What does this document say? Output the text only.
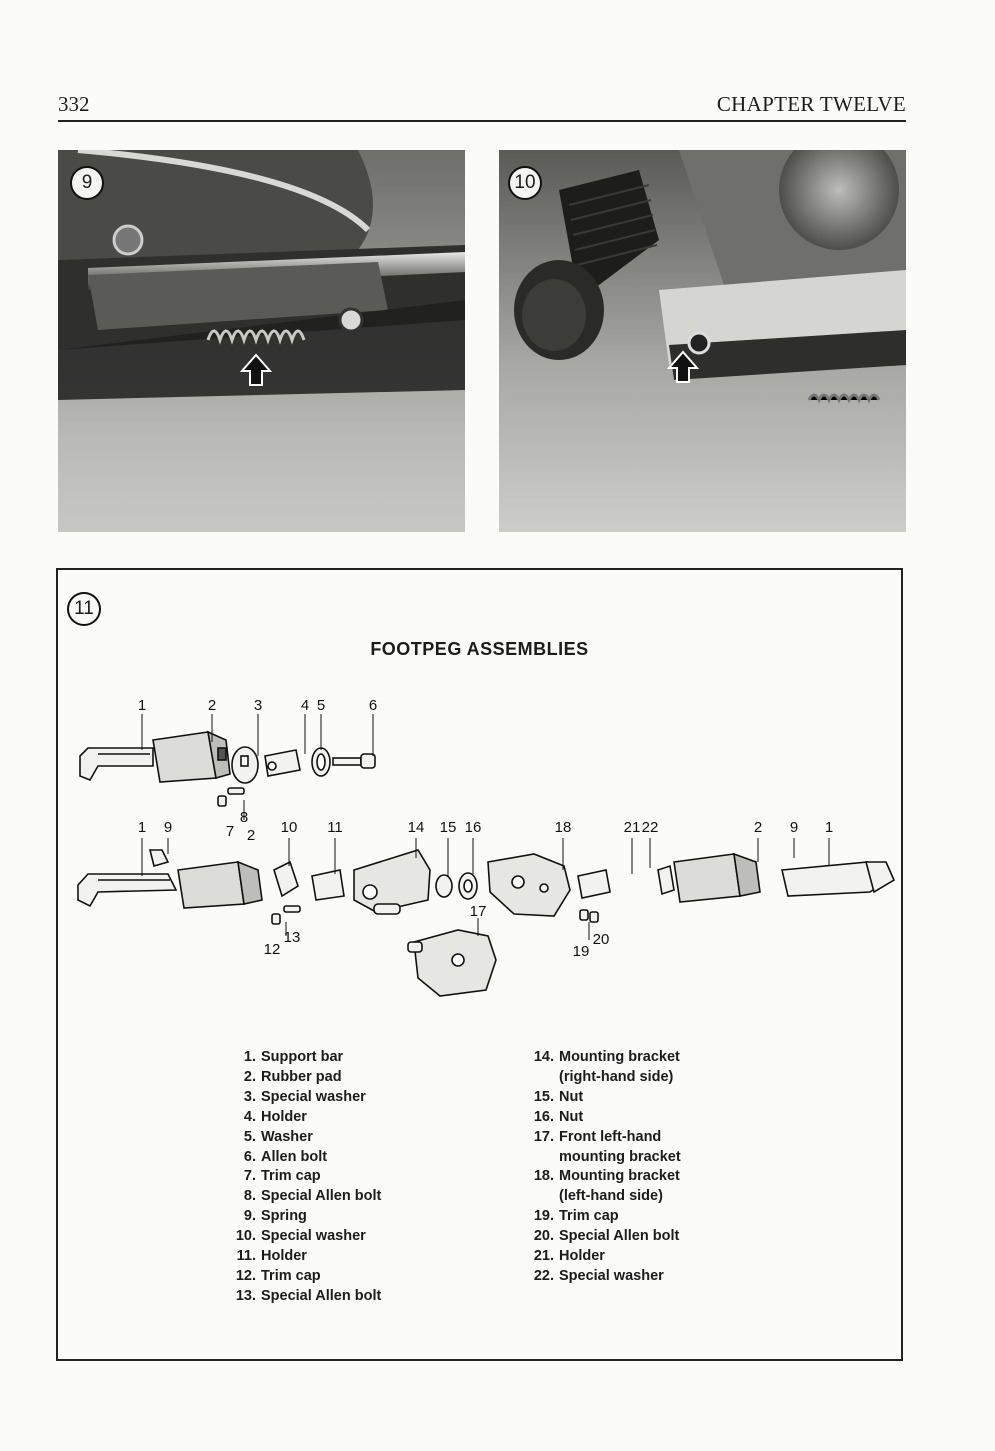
332	CHAPTER TWELVE
9	10
11
FOOTPEG ASSEMBLIES
1	2	3	4 5	6
8
7 2
1 9	10 11	14 15 16	18	21 22	2 9 1
17
12
13
19
20
1. Support bar
2. Rubber pad
3. Special washer
4. Holder
5. Washer
6. Allen bolt
7. Trim cap
8. Special Allen bolt
9. Spring
10. Special washer
11. Holder
12. Trim cap
13. Special Allen bolt
14. Mounting bracket
(right-hand side)
15. Nut
16. Nut
17. Front left-hand
mounting bracket
18. Mounting bracket
(left-hand side)
19. Trim cap
20. Special Allen bolt
21. Holder
22. Special washer
